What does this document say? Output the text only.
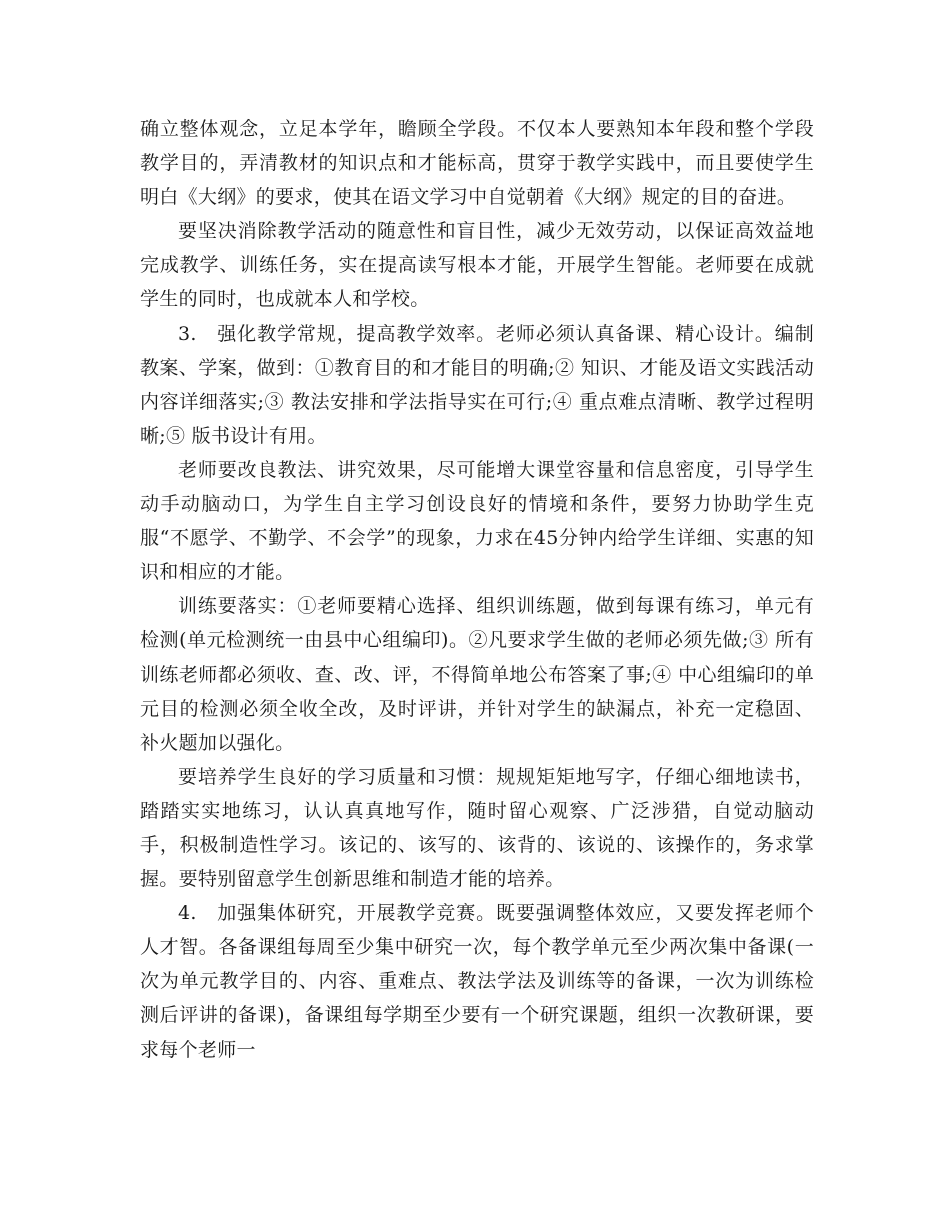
确立整体观念，立足本学年，瞻顾全学段。不仅本人要熟知本年段和整个学段教学目的，弄清教材的知识点和才能标高，贯穿于教学实践中，而且要使学生明白《大纲》的要求，使其在语文学习中自觉朝着《大纲》规定的目的奋进。

要坚决消除教学活动的随意性和盲目性，减少无效劳动，以保证高效益地完成教学、训练任务，实在提高读写根本才能，开展学生智能。老师要在成就学生的同时，也成就本人和学校。

3.　强化教学常规，提高教学效率。老师必须认真备课、精心设计。编制教案、学案，做到：①教育目的和才能目的明确;② 知识、才能及语文实践活动内容详细落实;③ 教法安排和学法指导实在可行;④ 重点难点清晰、教学过程明晰;⑤ 版书设计有用。

老师要改良教法、讲究效果，尽可能增大课堂容量和信息密度，引导学生动手动脑动口，为学生自主学习创设良好的情境和条件，要努力协助学生克服“不愿学、不勤学、不会学”的现象，力求在45分钟内给学生详细、实惠的知识和相应的才能。

训练要落实：①老师要精心选择、组织训练题，做到每课有练习，单元有检测(单元检测统一由县中心组编印)。②凡要求学生做的老师必须先做;③ 所有训练老师都必须收、查、改、评，不得简单地公布答案了事;④ 中心组编印的单元目的检测必须全收全改，及时评讲，并针对学生的缺漏点，补充一定稳固、补火题加以强化。

要培养学生良好的学习质量和习惯：规规矩矩地写字，仔细心细地读书，踏踏实实地练习，认认真真地写作，随时留心观察、广泛涉猎，自觉动脑动手，积极制造性学习。该记的、该写的、该背的、该说的、该操作的，务求掌握。要特别留意学生创新思维和制造才能的培养。

4.　加强集体研究，开展教学竞赛。既要强调整体效应，又要发挥老师个人才智。各备课组每周至少集中研究一次，每个教学单元至少两次集中备课(一次为单元教学目的、内容、重难点、教法学法及训练等的备课，一次为训练检测后评讲的备课)，备课组每学期至少要有一个研究课题，组织一次教研课，要求每个老师一
